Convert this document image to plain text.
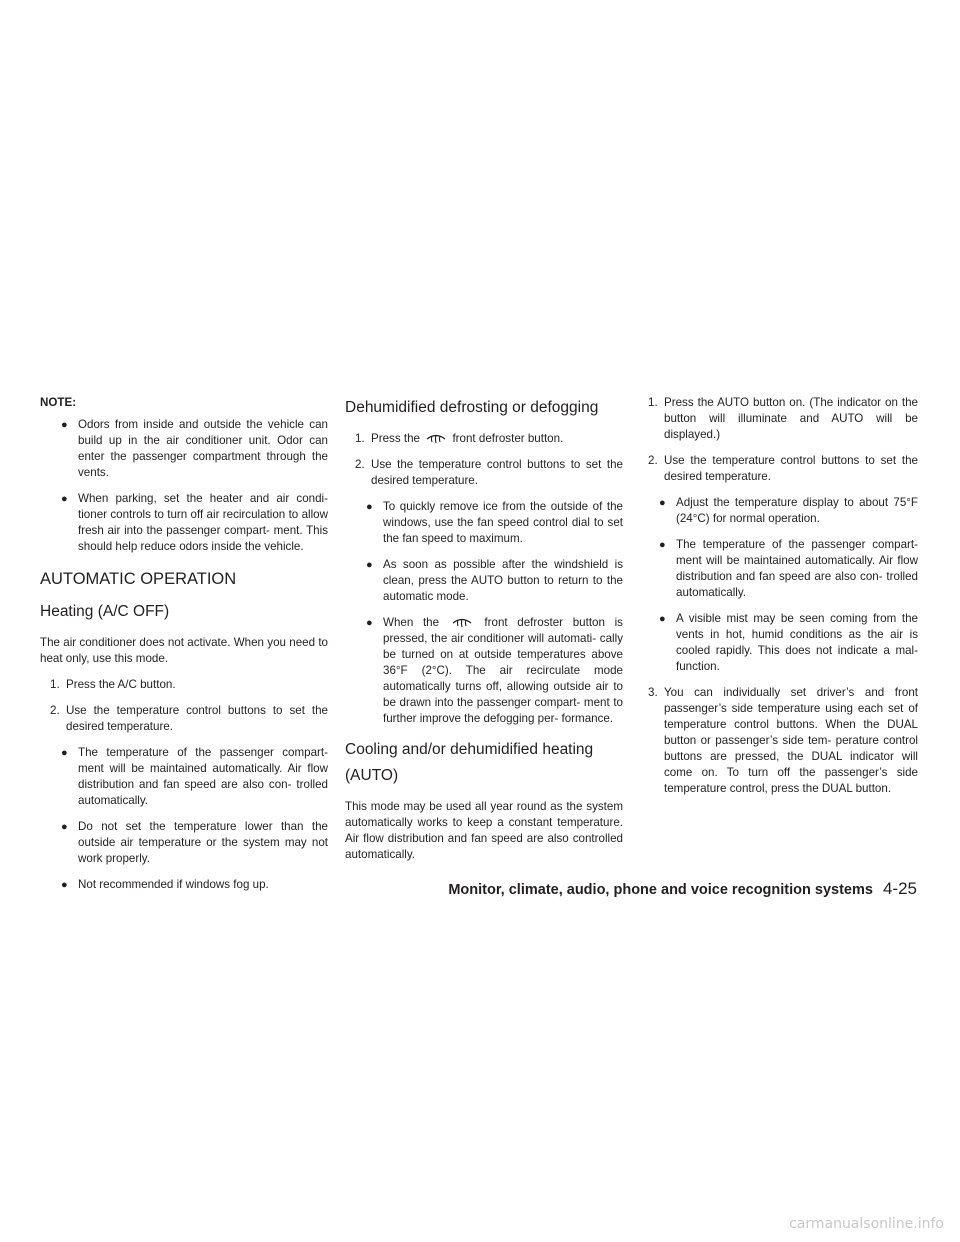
NOTE:
● Odors from inside and outside the vehicle can build up in the air conditioner unit. Odor can enter the passenger compartment through the vents.
● When parking, set the heater and air condi- tioner controls to turn off air recirculation to allow fresh air into the passenger compart- ment. This should help reduce odors inside the vehicle.
AUTOMATIC OPERATION
Heating (A/C OFF)

The air conditioner does not activate. When you need to heat only, use this mode.

1. Press the A/C button.
2. Use the temperature control buttons to set the desired temperature.
● The temperature of the passenger compart- ment will be maintained automatically. Air flow distribution and fan speed are also con- trolled automatically.
● Do not set the temperature lower than the outside air temperature or the system may not work properly.
● Not recommended if windows fog up.
Dehumidified defrosting or defogging
1. Press the	front defroster button.
2. Use the temperature control buttons to set the desired temperature.
● To quickly remove ice from the outside of the windows, use the fan speed control dial to set the fan speed to maximum.
● As soon as possible after the windshield is clean, press the AUTO button to return to the automatic mode.
● When the	front defroster button is pressed, the air conditioner will automati- cally be turned on at outside temperatures above 36°F (2°C). The air recirculate mode automatically turns off, allowing outside air to be drawn into the passenger compart- ment to further improve the defogging per- formance.
Cooling and/or dehumidified heating (AUTO)

This mode may be used all year round as the system automatically works to keep a constant temperature. Air flow distribution and fan speed are also controlled automatically.

1. Press the AUTO button on. (The indicator on the button will illuminate and AUTO will be displayed.)
2. Use the temperature control buttons to set the desired temperature.
● Adjust the temperature display to about 75°F (24°C) for normal operation.
● The temperature of the passenger compart- ment will be maintained automatically. Air flow distribution and fan speed are also con- trolled automatically.
● A visible mist may be seen coming from the vents in hot, humid conditions as the air is cooled rapidly. This does not indicate a mal- function.
3. You can individually set driver’s and front passenger’s side temperature using each set of temperature control buttons. When the DUAL button or passenger’s side tem- perature control buttons are pressed, the DUAL indicator will come on. To turn off the passenger’s side temperature control, press the DUAL button.
Monitor, climate, audio, phone and voice recognition systems 4-25
carmanualsonline.info
